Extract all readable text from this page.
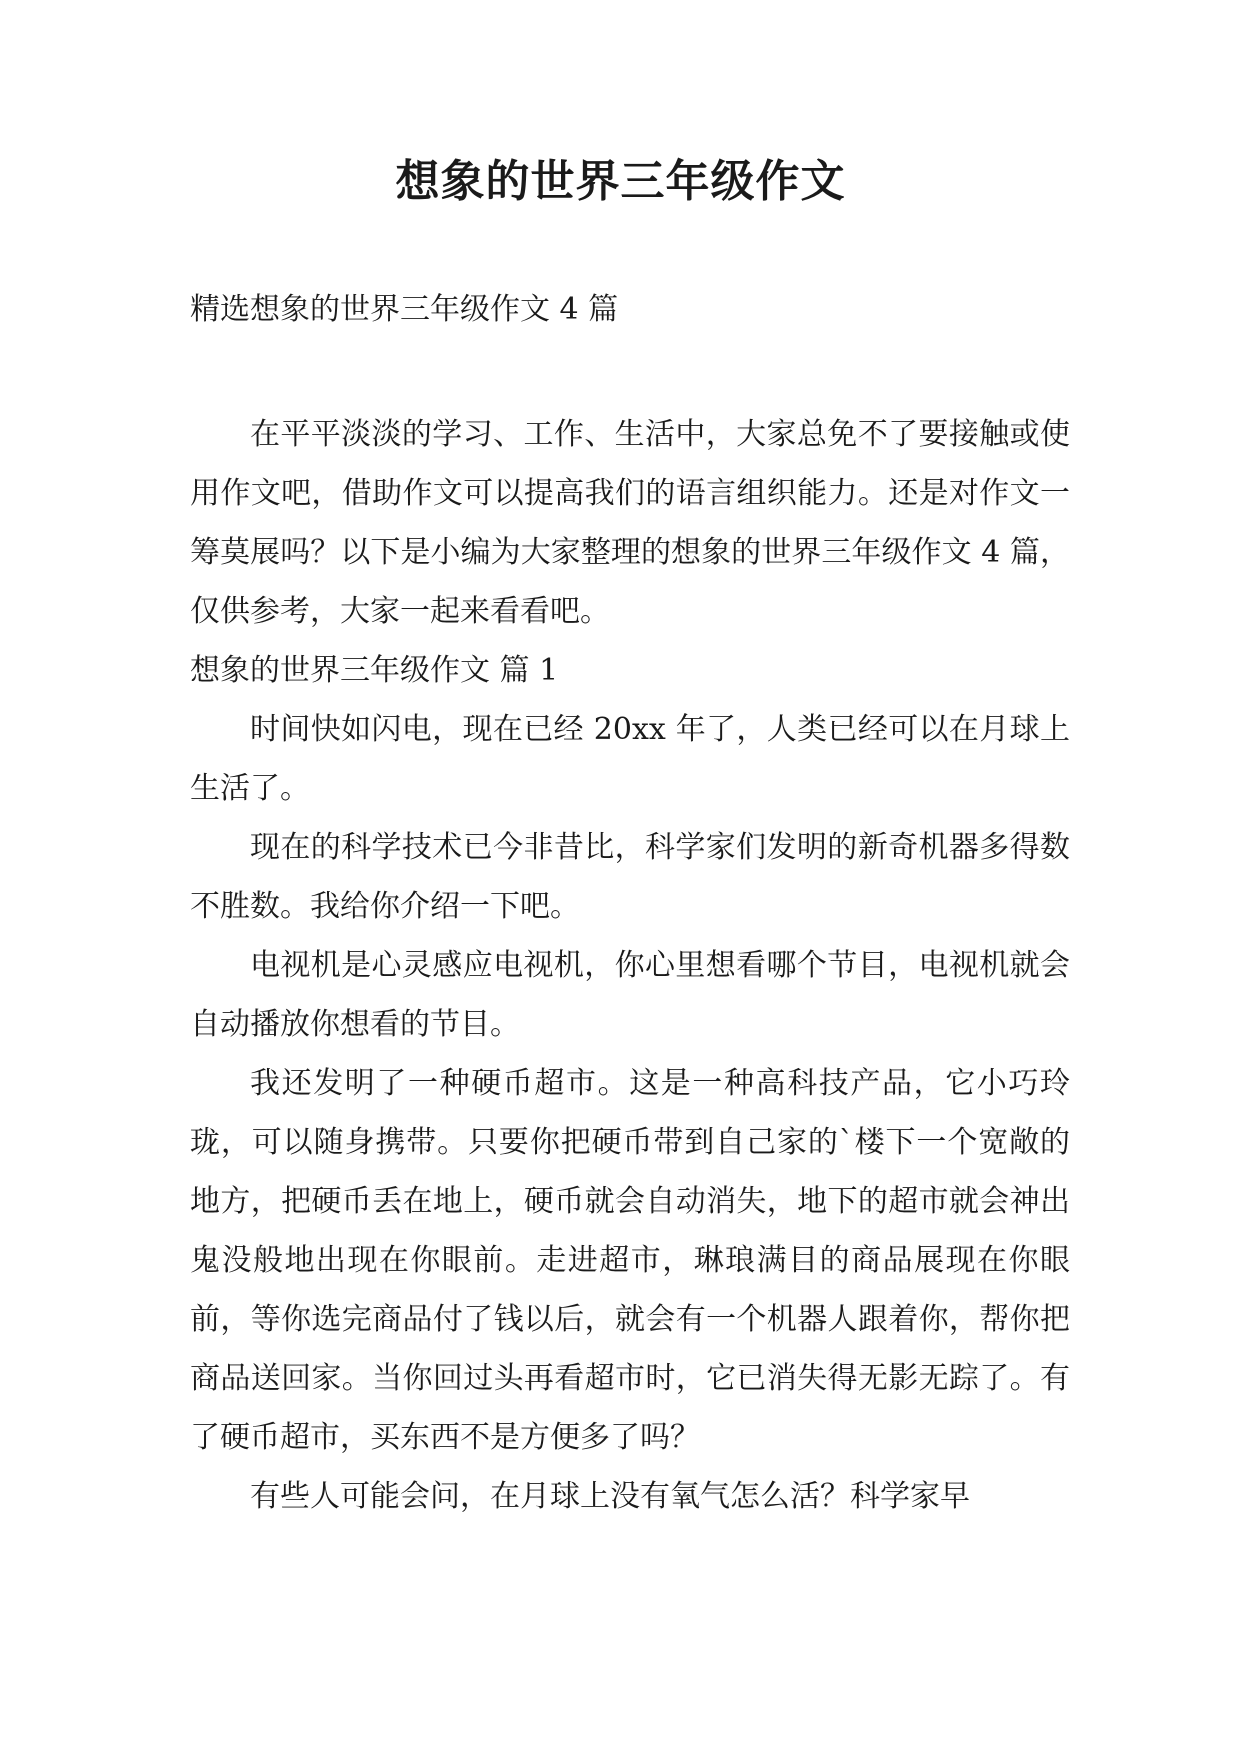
想象的世界三年级作文
精选想象的世界三年级作文 4 篇

在平平淡淡的学习、工作、生活中，大家总免不了要接触或使用作文吧，借助作文可以提高我们的语言组织能力。还是对作文一筹莫展吗？以下是小编为大家整理的想象的世界三年级作文 4 篇，仅供参考，大家一起来看看吧。

想象的世界三年级作文 篇 1

时间快如闪电，现在已经 20xx 年了，人类已经可以在月球上生活了。

现在的科学技术已今非昔比，科学家们发明的新奇机器多得数不胜数。我给你介绍一下吧。

电视机是心灵感应电视机，你心里想看哪个节目，电视机就会自动播放你想看的节目。

我还发明了一种硬币超市。这是一种高科技产品，它小巧玲珑，可以随身携带。只要你把硬币带到自己家的`楼下一个宽敞的地方，把硬币丢在地上，硬币就会自动消失，地下的超市就会神出鬼没般地出现在你眼前。走进超市，琳琅满目的商品展现在你眼前，等你选完商品付了钱以后，就会有一个机器人跟着你，帮你把商品送回家。当你回过头再看超市时，它已消失得无影无踪了。有了硬币超市，买东西不是方便多了吗？

有些人可能会问，在月球上没有氧气怎么活？科学家早
